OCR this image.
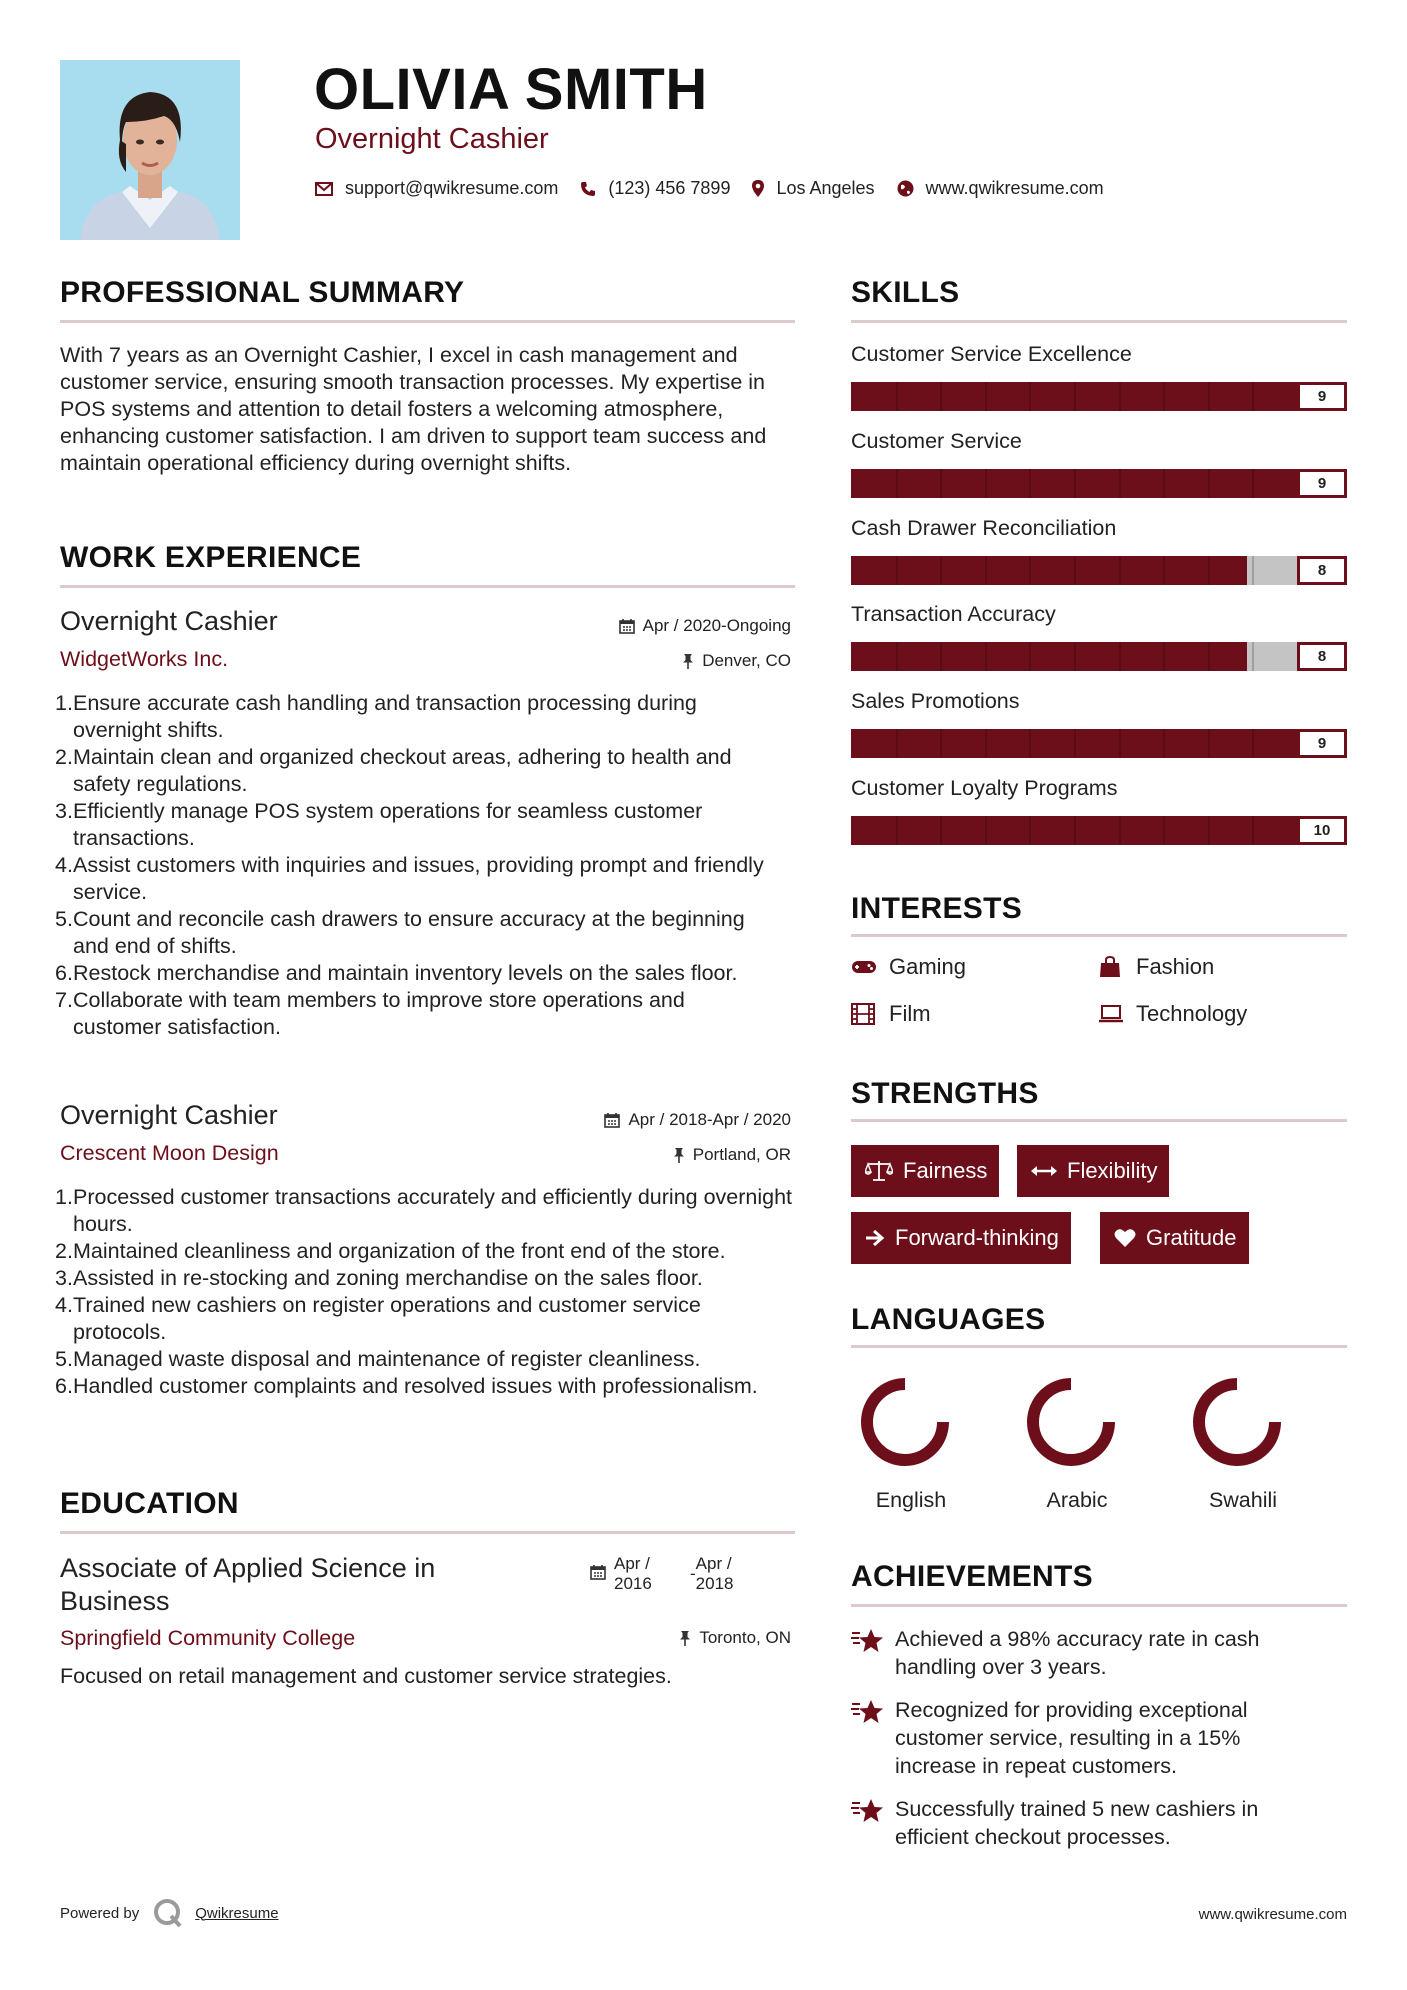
OLIVIA SMITH
Overnight Cashier
support@qwikresume.com	(123) 456 7899	Los Angeles	www.qwikresume.com
PROFESSIONAL SUMMARY
With 7 years as an Overnight Cashier, I excel in cash management and customer service, ensuring smooth transaction processes. My expertise in POS systems and attention to detail fosters a welcoming atmosphere, enhancing customer satisfaction. I am driven to support team success and maintain operational efficiency during overnight shifts.
WORK EXPERIENCE
Overnight Cashier
WidgetWorks Inc.
Apr / 2020-Ongoing
Denver, CO
1. Ensure accurate cash handling and transaction processing during overnight shifts.
2. Maintain clean and organized checkout areas, adhering to health and safety regulations.
3. Efficiently manage POS system operations for seamless customer transactions.
4. Assist customers with inquiries and issues, providing prompt and friendly service.
5. Count and reconcile cash drawers to ensure accuracy at the beginning and end of shifts.
6. Restock merchandise and maintain inventory levels on the sales floor.
7. Collaborate with team members to improve store operations and customer satisfaction.
Overnight Cashier
Crescent Moon Design
Apr / 2018-Apr / 2020
Portland, OR
1. Processed customer transactions accurately and efficiently during overnight hours.
2. Maintained cleanliness and organization of the front end of the store.
3. Assisted in re-stocking and zoning merchandise on the sales floor.
4. Trained new cashiers on register operations and customer service protocols.
5. Managed waste disposal and maintenance of register cleanliness.
6. Handled customer complaints and resolved issues with professionalism.
EDUCATION
Associate of Applied Science in
Business
Apr /
2016
-
Apr /
2018
Springfield Community College	Toronto, ON
Focused on retail management and customer service strategies.
SKILLS
Customer Service Excellence
9
Customer Service
9
Cash Drawer Reconciliation
8
Transaction Accuracy
8
Sales Promotions
9
Customer Loyalty Programs
10
INTERESTS
Gaming	Fashion
Film	Technology
STRENGTHS
Fairness	Flexibility
Forward-thinking	Gratitude
LANGUAGES
English	Arabic	Swahili
ACHIEVEMENTS
Achieved a 98% accuracy rate in cash handling over 3 years.
Recognized for providing exceptional customer service, resulting in a 15% increase in repeat customers.
Successfully trained 5 new cashiers in efficient checkout processes.
Powered by	Qwikresume	www.qwikresume.com
